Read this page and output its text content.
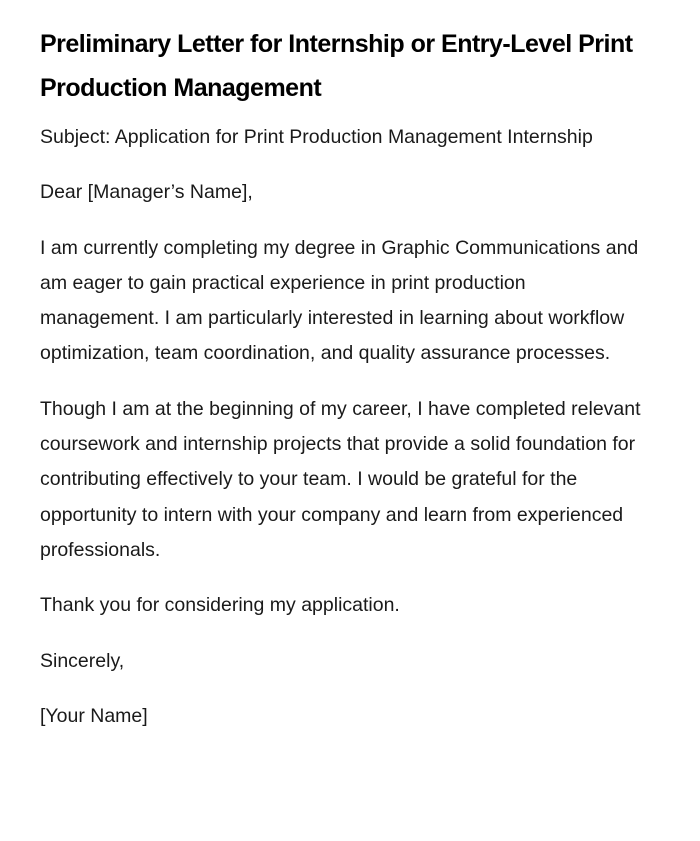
Preliminary Letter for Internship or Entry-Level Print Production Management

Subject: Application for Print Production Management Internship

Dear [Manager’s Name],

I am currently completing my degree in Graphic Communications and am eager to gain practical experience in print production management. I am particularly interested in learning about workflow optimization, team coordination, and quality assurance processes.

Though I am at the beginning of my career, I have completed relevant coursework and internship projects that provide a solid foundation for contributing effectively to your team. I would be grateful for the opportunity to intern with your company and learn from experienced professionals.

Thank you for considering my application.

Sincerely,

[Your Name]
